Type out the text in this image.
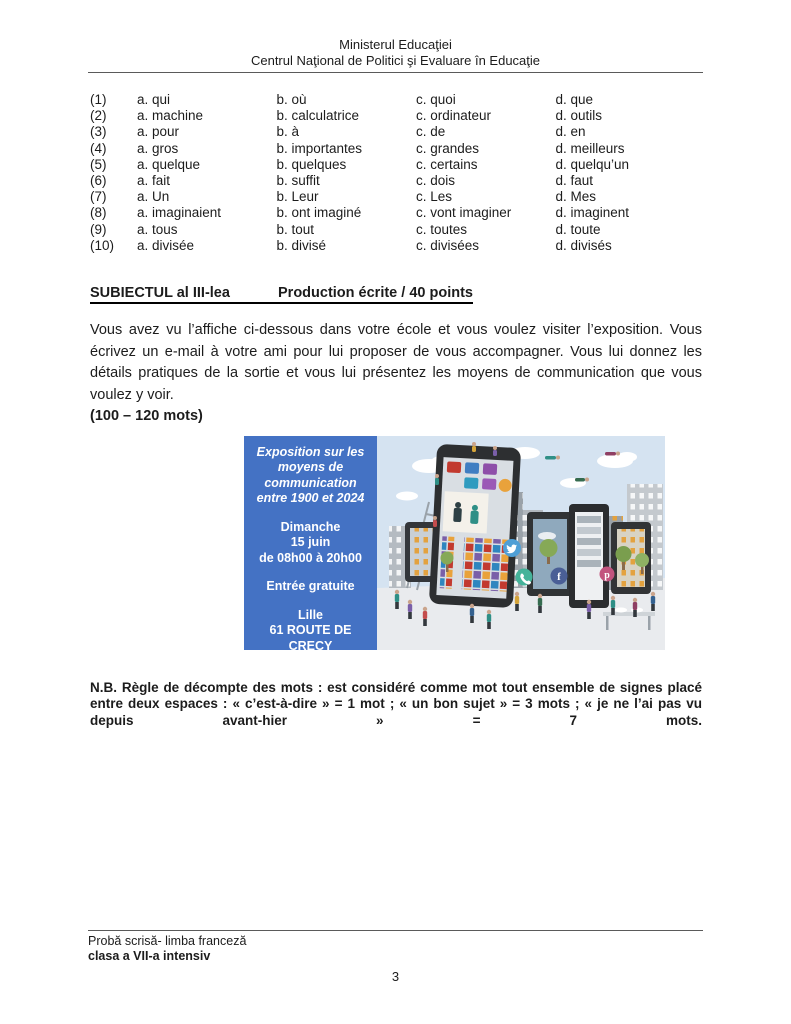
Ministerul Educaţiei
Centrul Naţional de Politici şi Evaluare în Educaţie
(1)	a. qui	b. où	c. quoi	d. que
(2)	a. machine	b. calculatrice	c. ordinateur	d. outils
(3)	a. pour	b. à	c. de	d. en
(4)	a. gros	b. importantes	c. grandes	d. meilleurs
(5)	a. quelque	b. quelques	c. certains	d. quelqu’un
(6)	a. fait	b. suffit	c. dois	d. faut
(7)	a. Un	b. Leur	c. Les	d. Mes
(8)	a. imaginaient	b. ont imaginé	c. vont imaginer	d. imaginent
(9)	a. tous	b. tout	c. toutes	d. toute
(10)	a. divisée	b. divisé	c. divisées	d. divisés
SUBIECTUL al III-lea	Production écrite / 40 points
Vous avez vu l’affiche ci-dessous dans votre école et vous voulez visiter l’exposition. Vous écrivez un e-mail à votre ami pour lui proposer de vous accompagner. Vous lui donnez les détails pratiques de la sortie et vous lui présentez les moyens de communication que vous voulez y voir.
(100 – 120 mots)
Exposition sur les moyens de communication entre 1900 et 2024
Dimanche
15 juin
de 08h00 à 20h00
Entrée gratuite
Lille
61 ROUTE DE CRECY
f	p
N.B. Règle de décompte des mots : est considéré comme mot tout ensemble de signes placé entre deux espaces : « c’est-à-dire » = 1 mot ; « un bon sujet » = 3 mots ; « je ne l’ai pas vu depuis avant-hier » = 7 mots.
Probă scrisă- limba franceză
clasa a VII-a intensiv
3
